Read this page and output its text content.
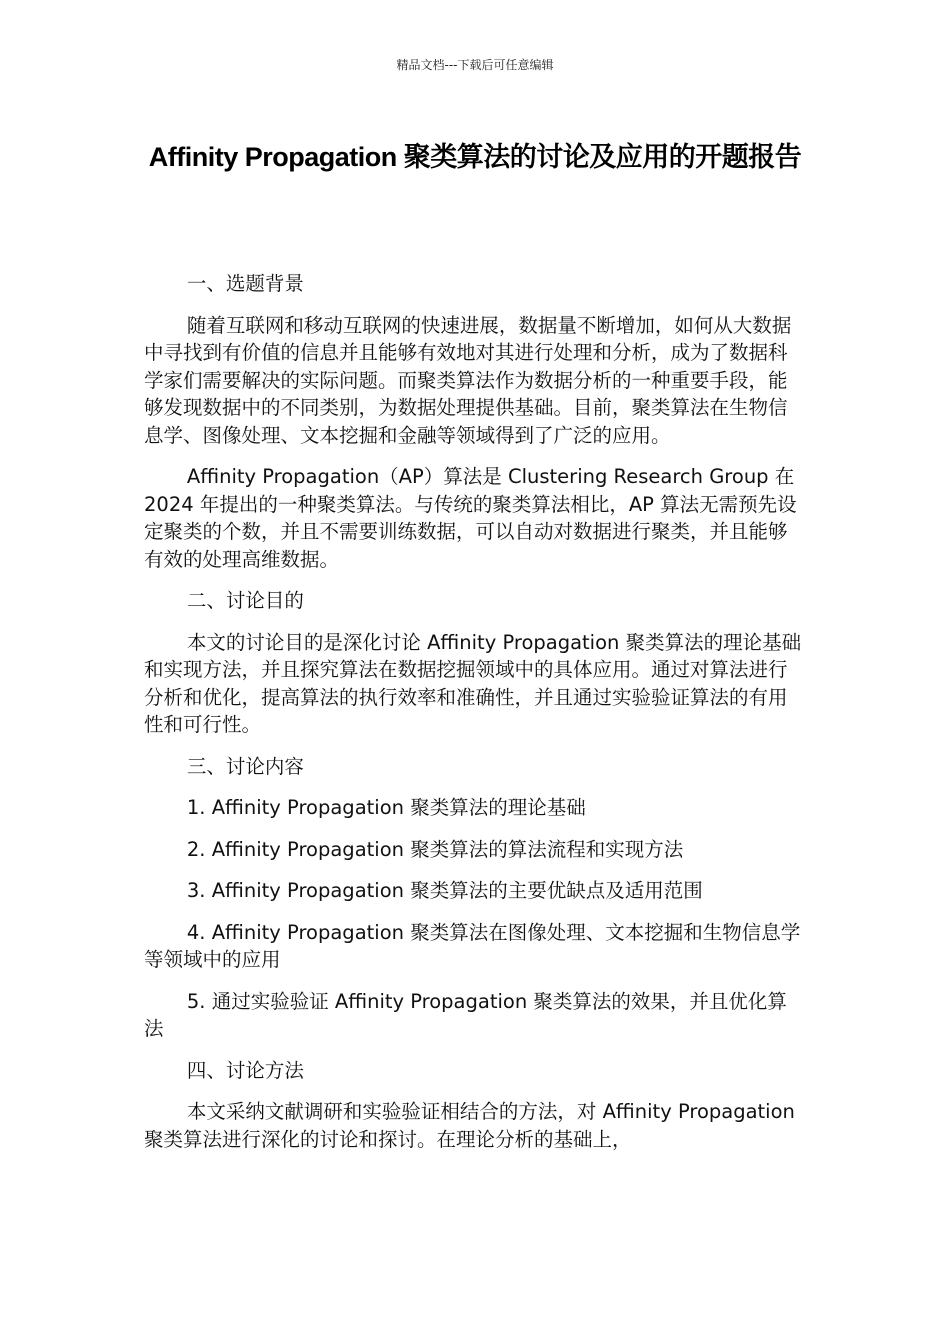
精品文档---下载后可任意编辑
Affinity Propagation 聚类算法的讨论及应用的开题报告

一、选题背景

随着互联网和移动互联网的快速进展，数据量不断增加，如何从大数据中寻找到有价值的信息并且能够有效地对其进行处理和分析，成为了数据科学家们需要解决的实际问题。而聚类算法作为数据分析的一种重要手段，能够发现数据中的不同类别，为数据处理提供基础。目前，聚类算法在生物信息学、图像处理、文本挖掘和金融等领域得到了广泛的应用。

Affinity Propagation（AP）算法是 Clustering Research Group 在 2024 年提出的一种聚类算法。与传统的聚类算法相比，AP 算法无需预先设定聚类的个数，并且不需要训练数据，可以自动对数据进行聚类，并且能够有效的处理高维数据。

二、讨论目的

本文的讨论目的是深化讨论 Affinity Propagation 聚类算法的理论基础和实现方法，并且探究算法在数据挖掘领域中的具体应用。通过对算法进行分析和优化，提高算法的执行效率和准确性，并且通过实验验证算法的有用性和可行性。

三、讨论内容

1. Affinity Propagation 聚类算法的理论基础

2. Affinity Propagation 聚类算法的算法流程和实现方法

3. Affinity Propagation 聚类算法的主要优缺点及适用范围

4. Affinity Propagation 聚类算法在图像处理、文本挖掘和生物信息学等领域中的应用

5. 通过实验验证 Affinity Propagation 聚类算法的效果，并且优化算法

四、讨论方法

本文采纳文献调研和实验验证相结合的方法，对 Affinity Propagation 聚类算法进行深化的讨论和探讨。在理论分析的基础上，
